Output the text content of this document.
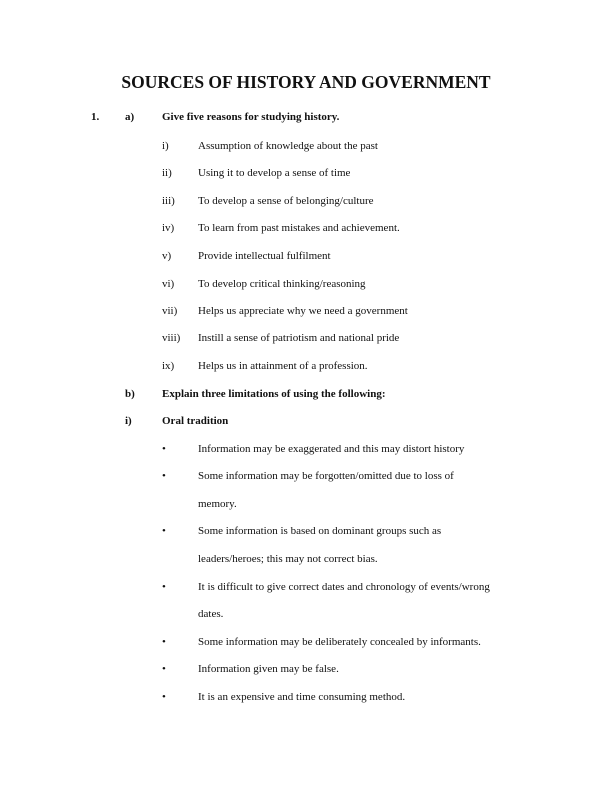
SOURCES OF HISTORY AND GOVERNMENT
1. a)	Give five reasons for studying history.
i)	Assumption of knowledge about the past
ii) Using it to develop a sense of time
iii) To develop a sense of belonging/culture
iv) To learn from past mistakes and achievement.
v) Provide intellectual fulfilment
vi) To develop critical thinking/reasoning
vii) Helps us appreciate why we need a government
viii) Instill a sense of patriotism and national pride
ix) Helps us in attainment of a profession.
b) Explain three limitations of using the following:
i)	Oral tradition
•	Information may be exaggerated and this may distort history
•	Some information may be forgotten/omitted due to loss of
memory.
•	Some information is based on dominant groups such as
leaders/heroes; this may not correct bias.
•	It is difficult to give correct dates and chronology of events/wrong
dates.
•	Some information may be deliberately concealed by informants.
•	Information given may be false.
•	It is an expensive and time consuming method.
